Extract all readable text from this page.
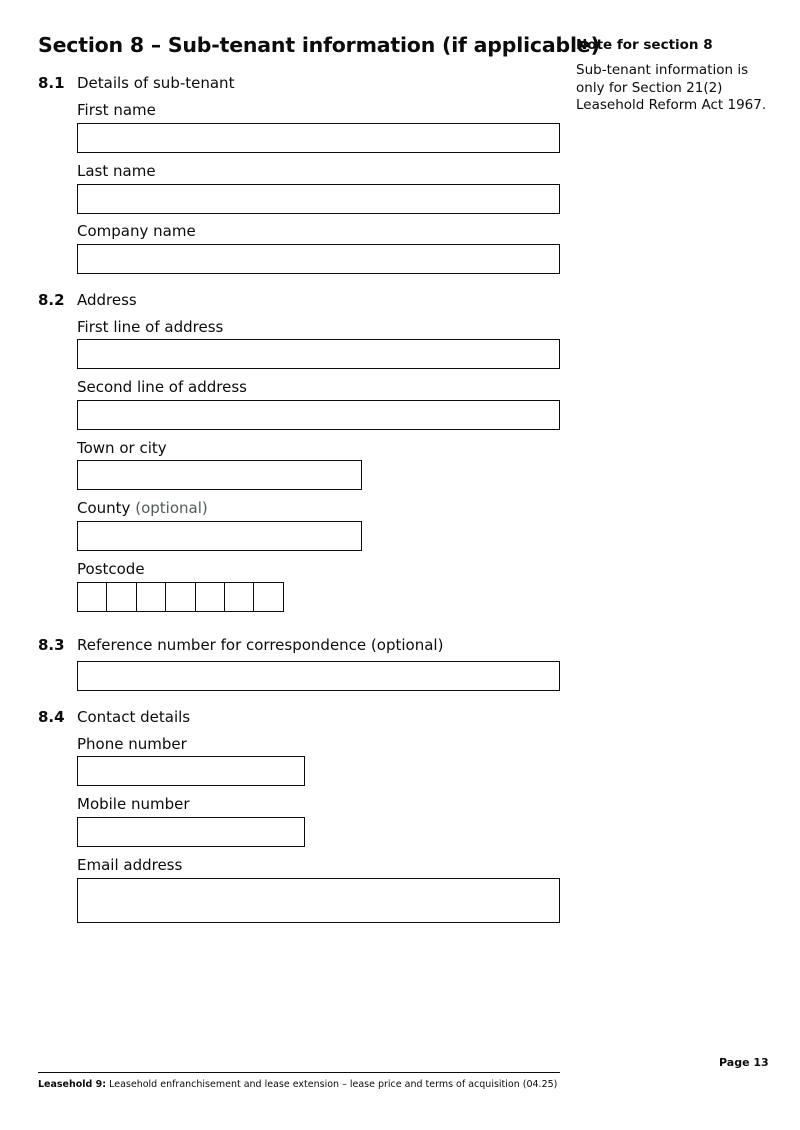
Section 8 – Sub-tenant information (if applicable)
Note for section 8
Sub-tenant information is only for Section 21(2) Leasehold Reform Act 1967.
8.1 Details of sub-tenant
First name
Last name
Company name
8.2 Address
First line of address
Second line of address
Town or city
County (optional)
Postcode
8.3 Reference number for correspondence (optional)
8.4 Contact details
Phone number
Mobile number
Email address
Page 13
Leasehold 9: Leasehold enfranchisement and lease extension – lease price and terms of acquisition (04.25)
